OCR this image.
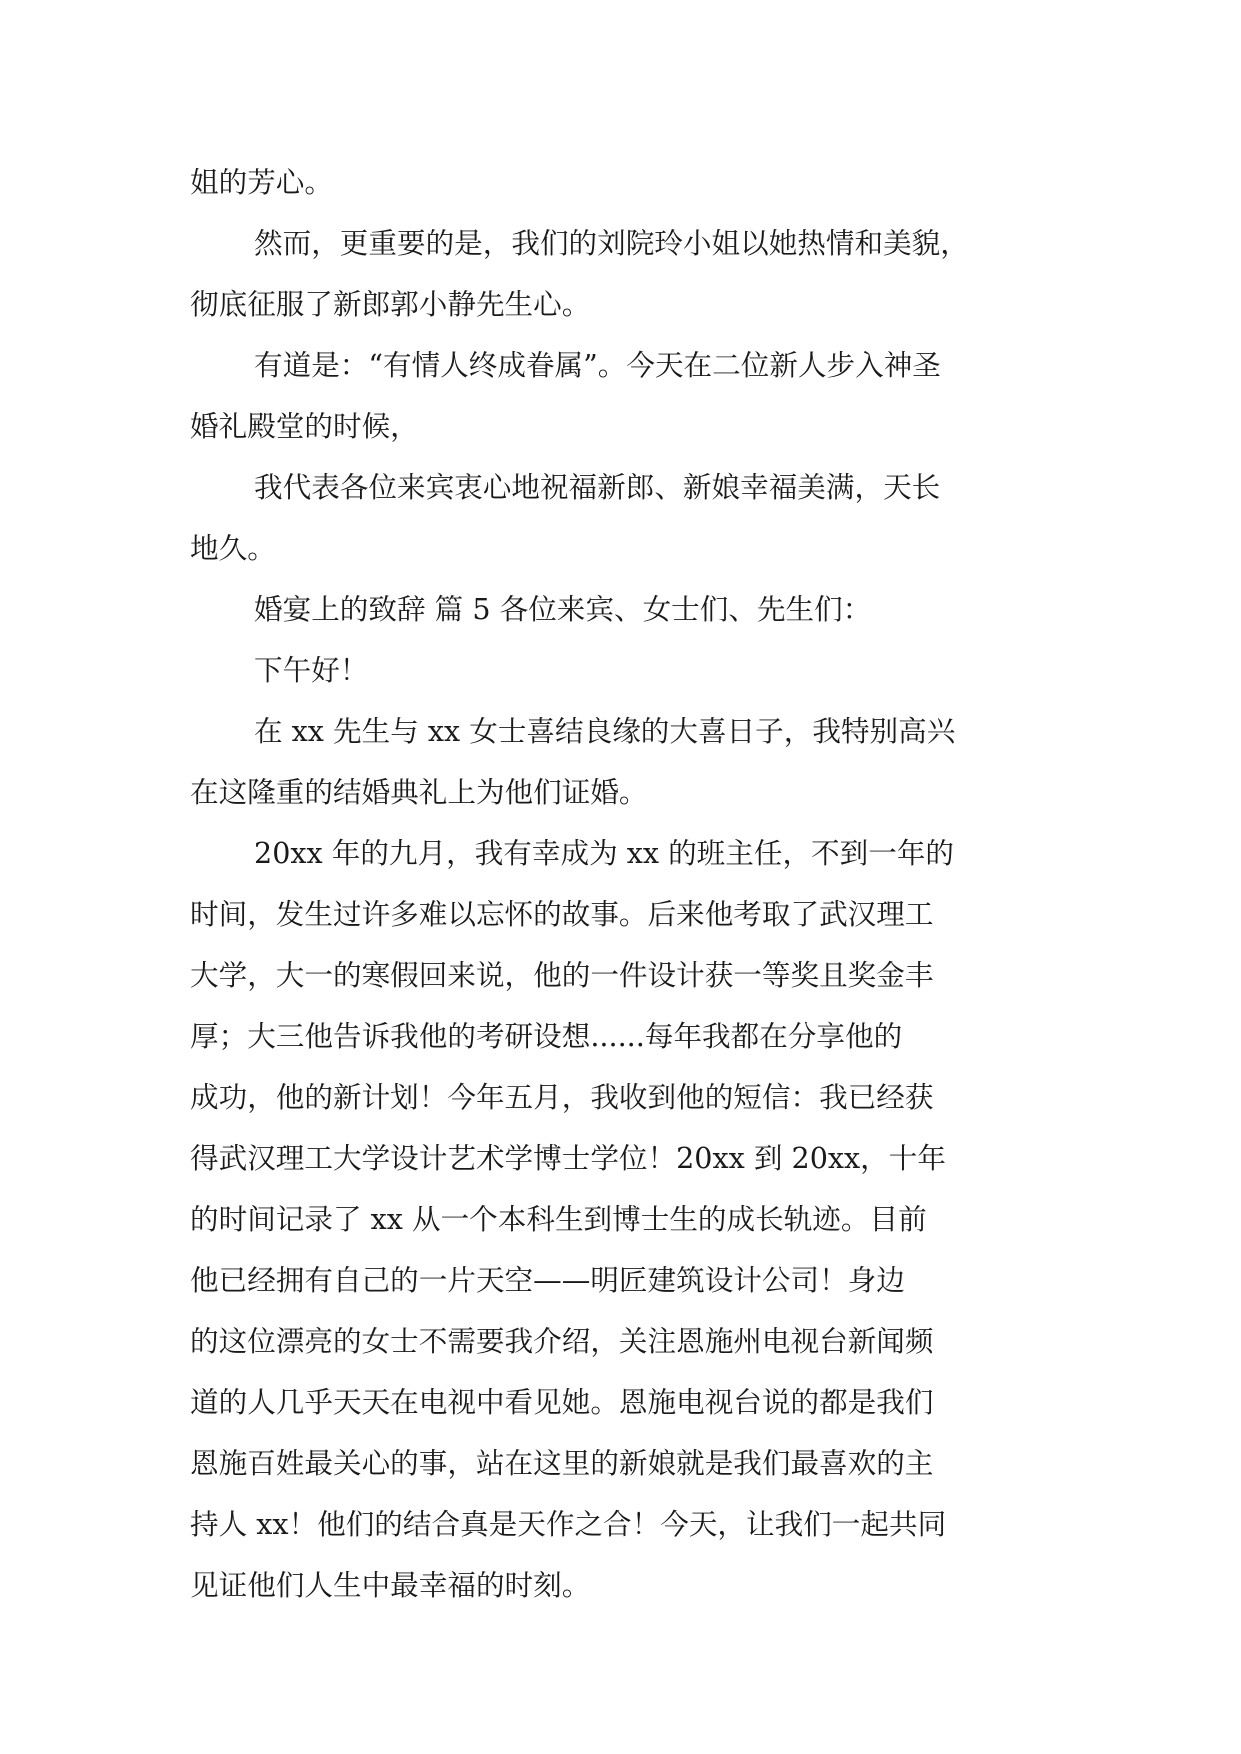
姐的芳心。
然而，更重要的是，我们的刘院玲小姐以她热情和美貌，
彻底征服了新郎郭小静先生心。
有道是：“有情人终成眷属”。今天在二位新人步入神圣
婚礼殿堂的时候，
我代表各位来宾衷心地祝福新郎、新娘幸福美满，天长
地久。
婚宴上的致辞 篇 5 各位来宾、女士们、先生们：
下午好！
在 xx 先生与 xx 女士喜结良缘的大喜日子，我特别高兴
在这隆重的结婚典礼上为他们证婚。
20xx 年的九月，我有幸成为 xx 的班主任，不到一年的
时间，发生过许多难以忘怀的故事。后来他考取了武汉理工
大学，大一的寒假回来说，他的一件设计获一等奖且奖金丰
厚；大三他告诉我他的考研设想......每年我都在分享他的
成功，他的新计划！今年五月，我收到他的短信：我已经获
得武汉理工大学设计艺术学博士学位！20xx 到 20xx，十年
的时间记录了 xx 从一个本科生到博士生的成长轨迹。目前
他已经拥有自己的一片天空——明匠建筑设计公司！身边
的这位漂亮的女士不需要我介绍，关注恩施州电视台新闻频
道的人几乎天天在电视中看见她。恩施电视台说的都是我们
恩施百姓最关心的事，站在这里的新娘就是我们最喜欢的主
持人 xx！他们的结合真是天作之合！今天，让我们一起共同
见证他们人生中最幸福的时刻。
